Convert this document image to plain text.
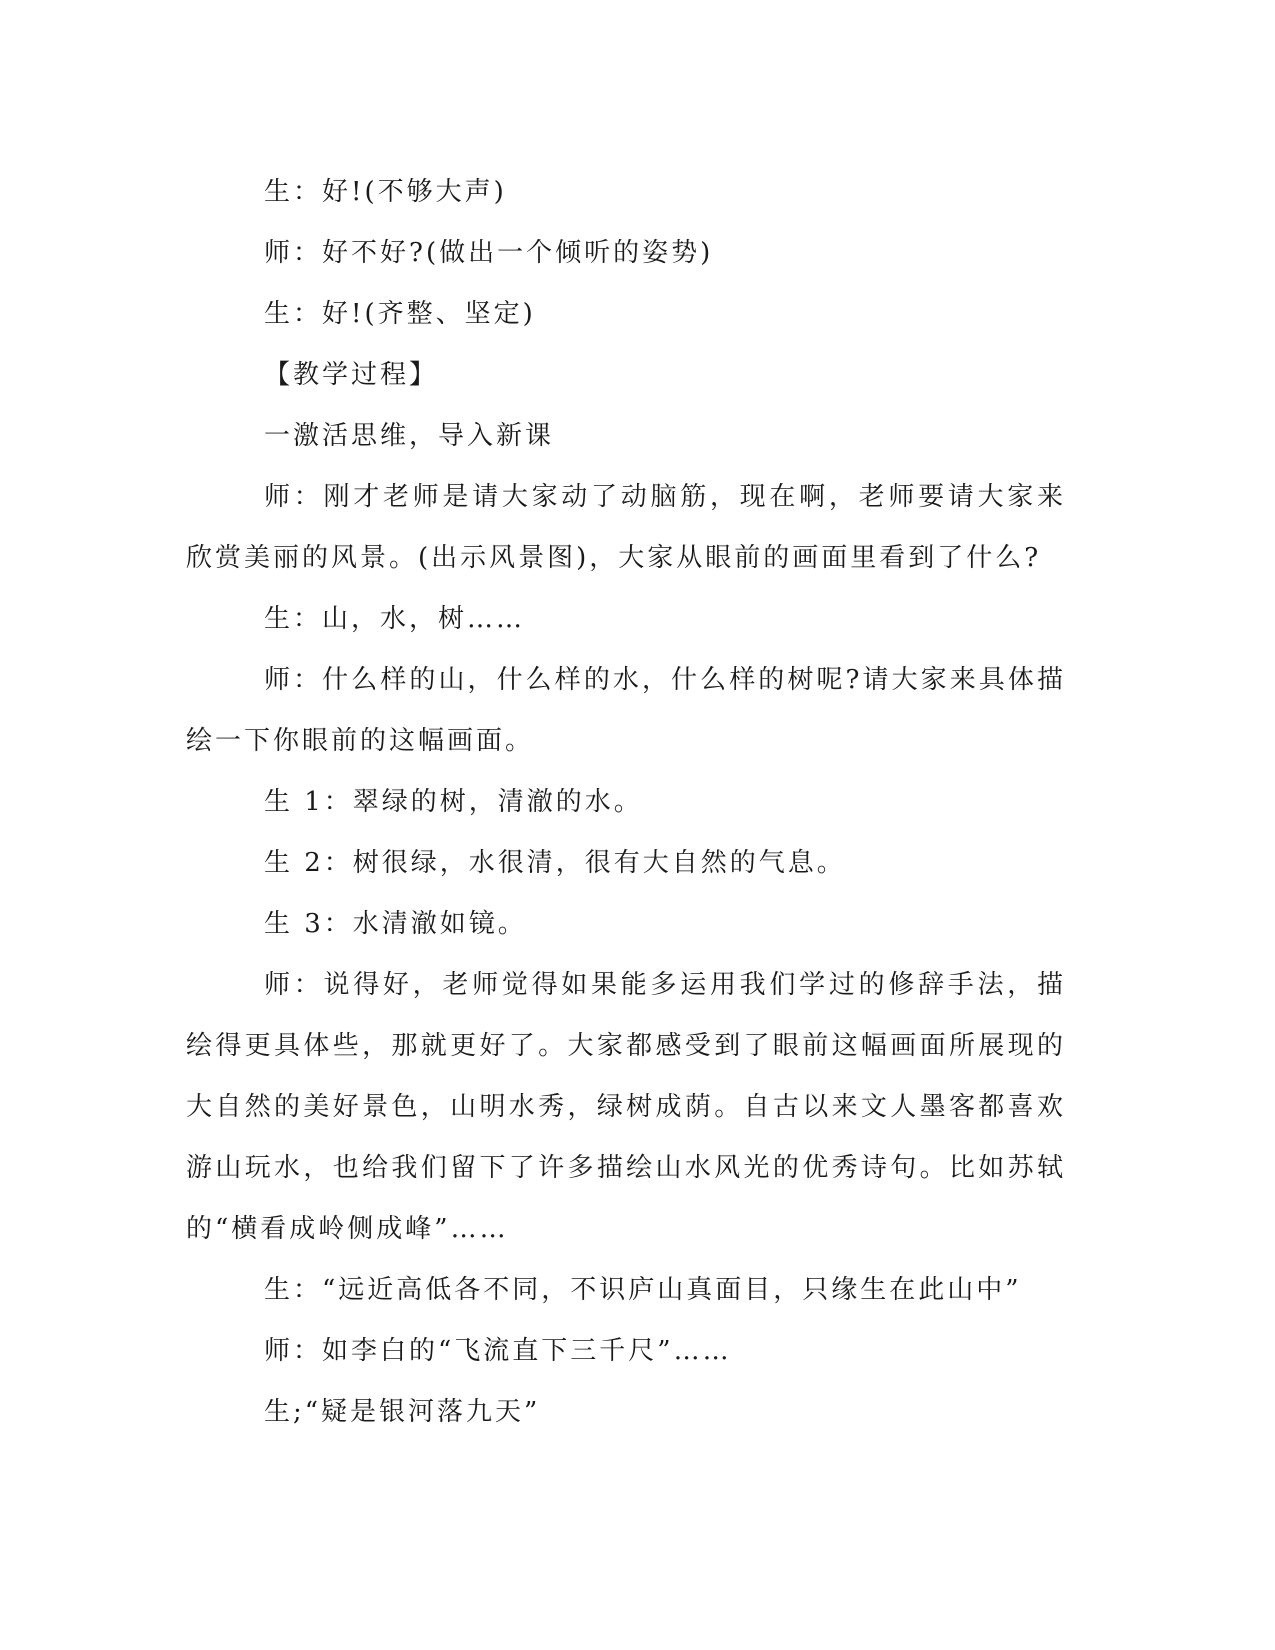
生：好!(不够大声)

师：好不好?(做出一个倾听的姿势)

生：好!(齐整、坚定)

【教学过程】

一激活思维，导入新课

师：刚才老师是请大家动了动脑筋，现在啊，老师要请大家来欣赏美丽的风景。(出示风景图)，大家从眼前的画面里看到了什么?

生：山，水，树……

师：什么样的山，什么样的水，什么样的树呢?请大家来具体描绘一下你眼前的这幅画面。

生 1：翠绿的树，清澈的水。

生 2：树很绿，水很清，很有大自然的气息。

生 3：水清澈如镜。

师：说得好，老师觉得如果能多运用我们学过的修辞手法，描绘得更具体些，那就更好了。大家都感受到了眼前这幅画面所展现的大自然的美好景色，山明水秀，绿树成荫。自古以来文人墨客都喜欢游山玩水，也给我们留下了许多描绘山水风光的优秀诗句。比如苏轼的“横看成岭侧成峰”……

生：“远近高低各不同，不识庐山真面目，只缘生在此山中”

师：如李白的“飞流直下三千尺”……

生;“疑是银河落九天”
